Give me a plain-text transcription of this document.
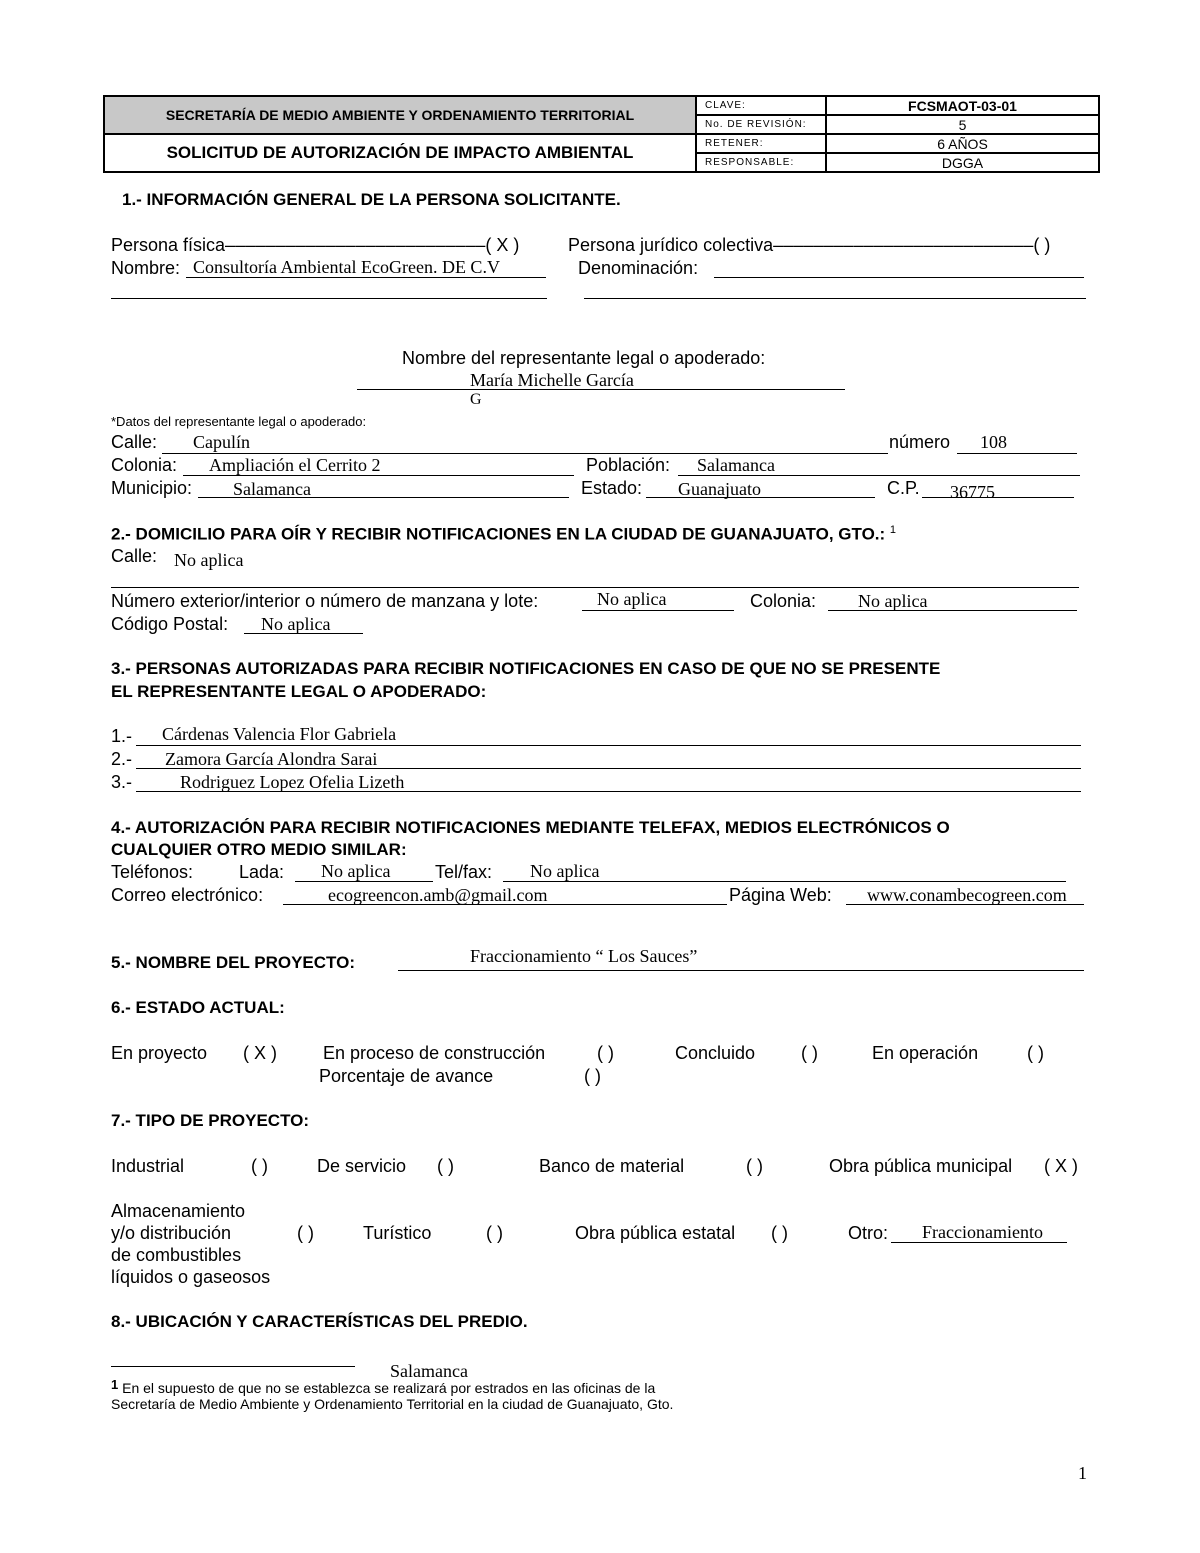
SECRETARÍA DE MEDIO AMBIENTE Y ORDENAMIENTO TERRITORIAL	CLAVE:	FCSMAOT-03-01
	No. DE REVISIÓN:	5
SOLICITUD DE AUTORIZACIÓN DE IMPACTO AMBIENTAL	RETENER:	6 AÑOS
	RESPONSABLE:	DGGA
1.- INFORMACIÓN GENERAL DE LA PERSONA SOLICITANTE.
Persona física––––––––––––––––––––––––––( X )	Persona jurídico colectiva––––––––––––––––––––––––––( )
Nombre: Consultoría Ambiental EcoGreen. DE C.V	Denominación:
Nombre del representante legal o apoderado:
María Michelle García
G
*Datos del representante legal o apoderado:
Calle: Capulín	número 108
Colonia: Ampliación el Cerrito 2	Población: Salamanca
Municipio: Salamanca	Estado: Guanajuato	C.P. 36775
2.- DOMICILIO PARA OÍR Y RECIBIR NOTIFICACIONES EN LA CIUDAD DE GUANAJUATO, GTO.: $^1$
Calle: No aplica
Número exterior/interior o número de manzana y lote:	No aplica	Colonia: No aplica
Código Postal: No aplica
3.- PERSONAS AUTORIZADAS PARA RECIBIR NOTIFICACIONES EN CASO DE QUE NO SE PRESENTE
EL REPRESENTANTE LEGAL O APODERADO:
1.- Cárdenas Valencia Flor Gabriela
2.- Zamora García Alondra Sarai
3.-	Rodriguez Lopez Ofelia Lizeth
4.- AUTORIZACIÓN PARA RECIBIR NOTIFICACIONES MEDIANTE TELEFAX, MEDIOS ELECTRÓNICOS O
CUALQUIER OTRO MEDIO SIMILAR:
Teléfonos:	Lada: No aplica Tel/fax: No aplica
Correo electrónico:	ecogreencon.amb@gmail.com	Página Web: www.conambecogreen.com
5.- NOMBRE DEL PROYECTO:	Fraccionamiento “ Los Sauces”
6.- ESTADO ACTUAL:
En proyecto ( X )	En proceso de construcción	( )	Concluido	( )	En operación	( )
Porcentaje de avance	( )
7.- TIPO DE PROYECTO:
Industrial	( )	De servicio ( )	Banco de material	( )	Obra pública municipal ( X )
Almacenamiento
y/o distribución
de combustibles
líquidos o gaseosos
( )	Turístico	( )	Obra pública estatal ( )	Otro: Fraccionamiento
8.- UBICACIÓN Y CARACTERÍSTICAS DEL PREDIO.
Salamanca
1 En el supuesto de que no se establezca se realizará por estrados en las oficinas de la
Secretaría de Medio Ambiente y Ordenamiento Territorial en la ciudad de Guanajuato, Gto.
1
